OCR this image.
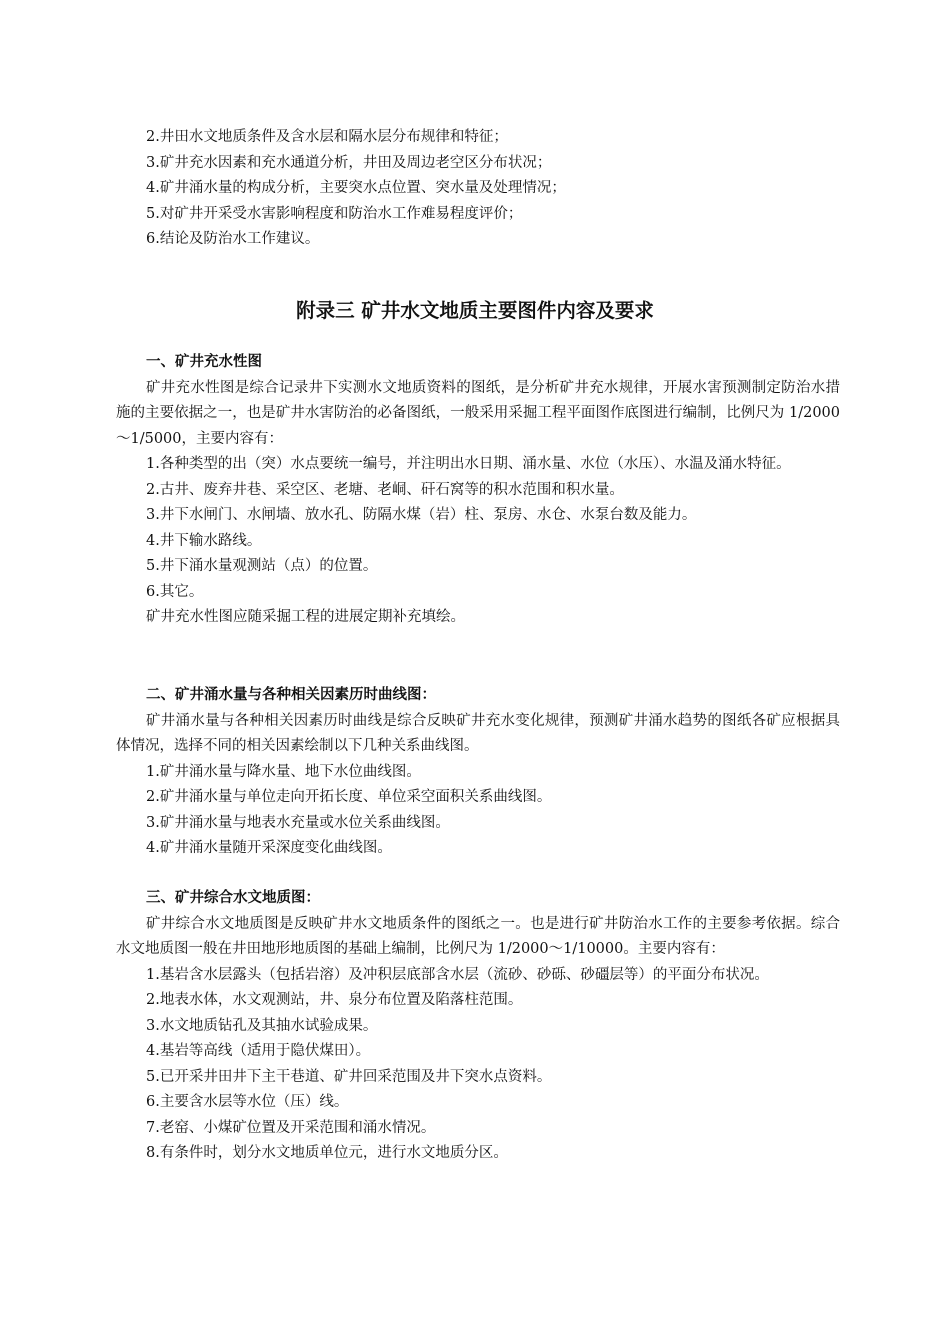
2.井田水文地质条件及含水层和隔水层分布规律和特征；
3.矿井充水因素和充水通道分析，井田及周边老空区分布状况；
4.矿井涌水量的构成分析，主要突水点位置、突水量及处理情况；
5.对矿井开采受水害影响程度和防治水工作难易程度评价；
6.结论及防治水工作建议。
附录三 矿井水文地质主要图件内容及要求
一、矿井充水性图
矿井充水性图是综合记录井下实测水文地质资料的图纸，是分析矿井充水规律，开展水害预测制定防治水措施的主要依据之一，也是矿井水害防治的必备图纸，一般采用采掘工程平面图作底图进行编制，比例尺为 1/2000～1/5000，主要内容有：
1.各种类型的出（突）水点要统一编号，并注明出水日期、涌水量、水位（水压）、水温及涌水特征。
2.古井、废弃井巷、采空区、老塘、老峒、矸石窝等的积水范围和积水量。
3.井下水闸门、水闸墙、放水孔、防隔水煤（岩）柱、泵房、水仓、水泵台数及能力。
4.井下输水路线。
5.井下涌水量观测站（点）的位置。
6.其它。
矿井充水性图应随采掘工程的进展定期补充填绘。
二、矿井涌水量与各种相关因素历时曲线图：
矿井涌水量与各种相关因素历时曲线是综合反映矿井充水变化规律，预测矿井涌水趋势的图纸各矿应根据具体情况，选择不同的相关因素绘制以下几种关系曲线图。
1.矿井涌水量与降水量、地下水位曲线图。
2.矿井涌水量与单位走向开拓长度、单位采空面积关系曲线图。
3.矿井涌水量与地表水充量或水位关系曲线图。
4.矿井涌水量随开采深度变化曲线图。
三、矿井综合水文地质图：
矿井综合水文地质图是反映矿井水文地质条件的图纸之一。也是进行矿井防治水工作的主要参考依据。综合水文地质图一般在井田地形地质图的基础上编制，比例尺为 1/2000～1/10000。主要内容有：
1.基岩含水层露头（包括岩溶）及冲积层底部含水层（流砂、砂砾、砂礓层等）的平面分布状况。
2.地表水体，水文观测站，井、泉分布位置及陷落柱范围。
3.水文地质钻孔及其抽水试验成果。
4.基岩等高线（适用于隐伏煤田）。
5.已开采井田井下主干巷道、矿井回采范围及井下突水点资料。
6.主要含水层等水位（压）线。
7.老窑、小煤矿位置及开采范围和涌水情况。
8.有条件时，划分水文地质单位元，进行水文地质分区。
